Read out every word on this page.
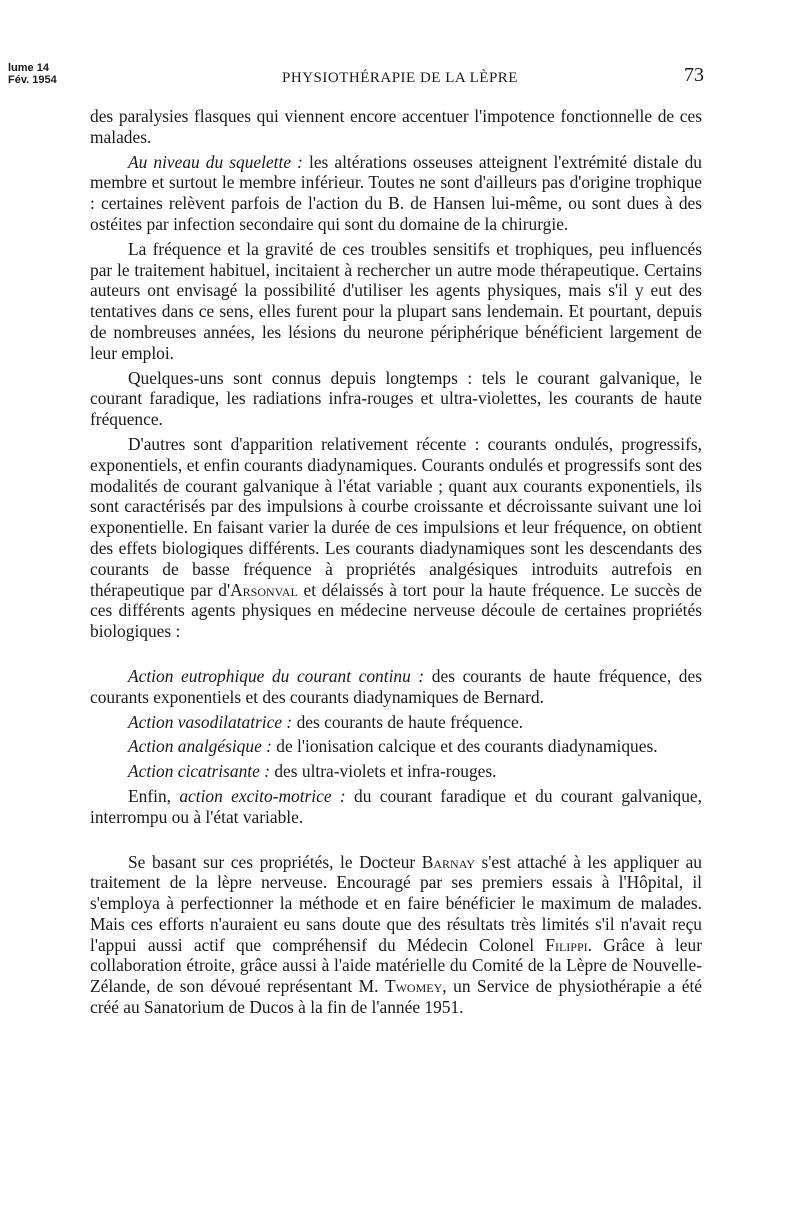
lume 14
Fév. 1954	PHYSIOTHÉRAPIE DE LA LÈPRE	73

des paralysies flasques qui viennent encore accentuer l'impotence fonctionnelle de ces malades.

Au niveau du squelette : les altérations osseuses atteignent l'extrémité distale du membre et surtout le membre inférieur. Toutes ne sont d'ailleurs pas d'origine trophique : certaines relèvent parfois de l'action du B. de Hansen lui-même, ou sont dues à des ostéites par infection secondaire qui sont du domaine de la chirurgie.

La fréquence et la gravité de ces troubles sensitifs et trophiques, peu influencés par le traitement habituel, incitaient à rechercher un autre mode thérapeutique. Certains auteurs ont envisagé la possibilité d'utiliser les agents physiques, mais s'il y eut des tentatives dans ce sens, elles furent pour la plupart sans lendemain. Et pourtant, depuis de nombreuses années, les lésions du neurone périphérique bénéficient largement de leur emploi.

Quelques-uns sont connus depuis longtemps : tels le courant galvanique, le courant faradique, les radiations infra-rouges et ultra-violettes, les courants de haute fréquence.

D'autres sont d'apparition relativement récente : courants ondulés, progressifs, exponentiels, et enfin courants diadynamiques. Courants ondulés et progressifs sont des modalités de courant galvanique à l'état variable ; quant aux courants exponentiels, ils sont caractérisés par des impulsions à courbe croissante et décroissante suivant une loi exponentielle. En faisant varier la durée de ces impulsions et leur fréquence, on obtient des effets biologiques différents. Les courants diadynamiques sont les descendants des courants de basse fréquence à propriétés analgésiques introduits autrefois en thérapeutique par d'Arsonval et délaissés à tort pour la haute fréquence. Le succès de ces différents agents physiques en médecine nerveuse découle de certaines propriétés biologiques :

Action eutrophique du courant continu : des courants de haute fréquence, des courants exponentiels et des courants diadynamiques de Bernard.

Action vasodilatatrice : des courants de haute fréquence.

Action analgésique : de l'ionisation calcique et des courants diadynamiques.

Action cicatrisante : des ultra-violets et infra-rouges.

Enfin, action excito-motrice : du courant faradique et du courant galvanique, interrompu ou à l'état variable.

Se basant sur ces propriétés, le Docteur Barnay s'est attaché à les appliquer au traitement de la lèpre nerveuse. Encouragé par ses premiers essais à l'Hôpital, il s'employa à perfectionner la méthode et en faire bénéficier le maximum de malades. Mais ces efforts n'auraient eu sans doute que des résultats très limités s'il n'avait reçu l'appui aussi actif que compréhensif du Médecin Colonel Filippi. Grâce à leur collaboration étroite, grâce aussi à l'aide matérielle du Comité de la Lèpre de Nouvelle-Zélande, de son dévoué représentant M. Twomey, un Service de physiothérapie a été créé au Sanatorium de Ducos à la fin de l'année 1951.
